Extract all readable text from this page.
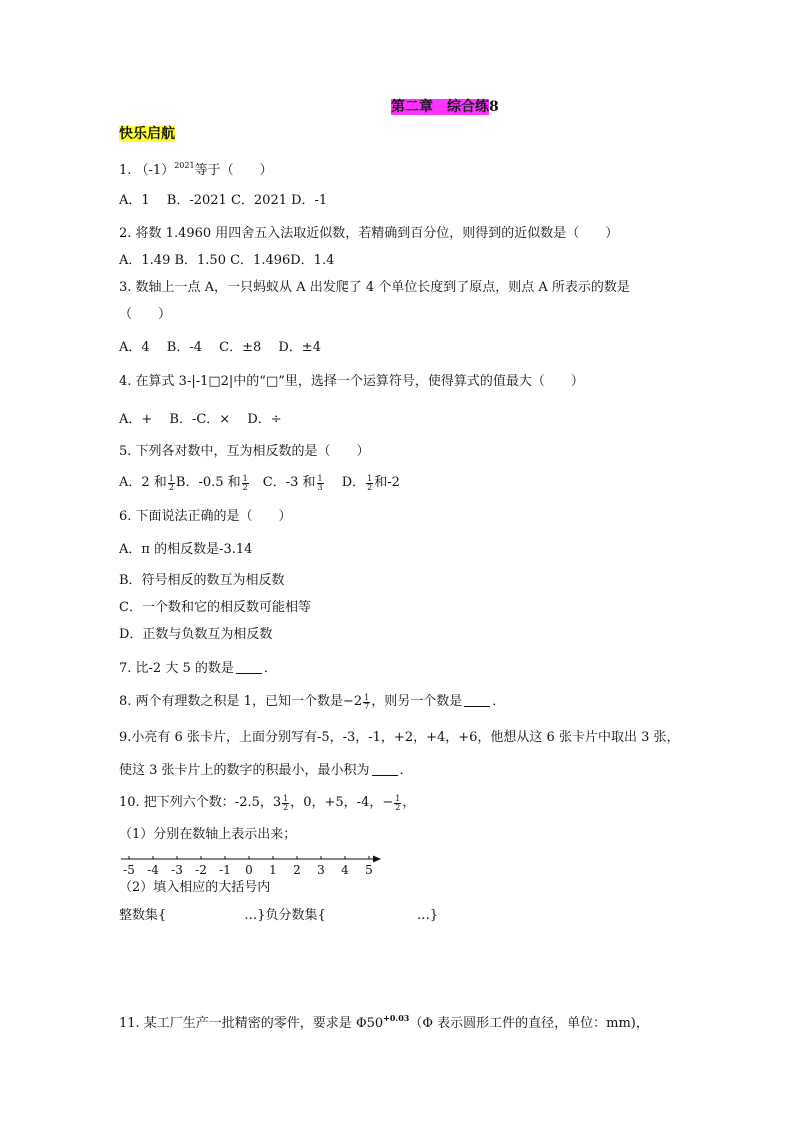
第二章　 综合练8
快乐启航
1. $(-1)^{2021}$等于（　　）
A．1　 B．-2021 C．2021 D．-1
2. 将数 1.4960 用四舍五入法取近似数，若精确到百分位，则得到的近似数是（　　）
A．1.49 B．1.50 C．1.496D．1.4
3. 数轴上一点 A，一只蚂蚁从 A 出发爬了 4 个单位长度到了原点，则点 A 所表示的数是
（　　）
A．4　 B．-4　 C．±8　 D．±4
4. 在算式 3-|-1□2|中的“□”里，选择一个运算符号，使得算式的值最大（　　）
A．+　 B．-C．×　 D．÷
5. 下列各对数中，互为相反数的是（　　）
A．2 和 $\frac{1}{2}$ B．-0.5 和 $\frac{1}{2}$ 　C．-3 和 $\frac{1}{3}$ 　 D． $\frac{1}{2}$ 和-2
6. 下面说法正确的是（　　）
A．π 的相反数是-3.14
B．符号相反的数互为相反数
C．一个数和它的相反数可能相等
D．正数与负数互为相反数
7. 比-2 大 5 的数是 ．
8. 两个有理数之积是 1，已知一个数是$-2 \frac{1}{7}$ ，则另一个数是 ．
9.小亮有 6 张卡片，上面分别写有-5，-3，-1，+2，+4，+6，他想从这 6 张卡片中取出 3 张，
使这 3 张卡片上的数字的积最小，最小积为 ．
10. 把下列六个数：-2.5，$3 \frac{1}{2}$ ，0，+5，-4，− $\frac{1}{2}$ ，
（1）分别在数轴上表示出来；
-5 -4 -3 -2 -1 0 1 2 3 4 5
（2）填入相应的大括号内
整数集{　　　　　　…}负分数集{　　　　　　　…}
11. 某工厂生产一批精密的零件，要求是 $\Phi 50^{+0.03}(\Phi$ 表示圆形工件的直径，单位：mm)，
